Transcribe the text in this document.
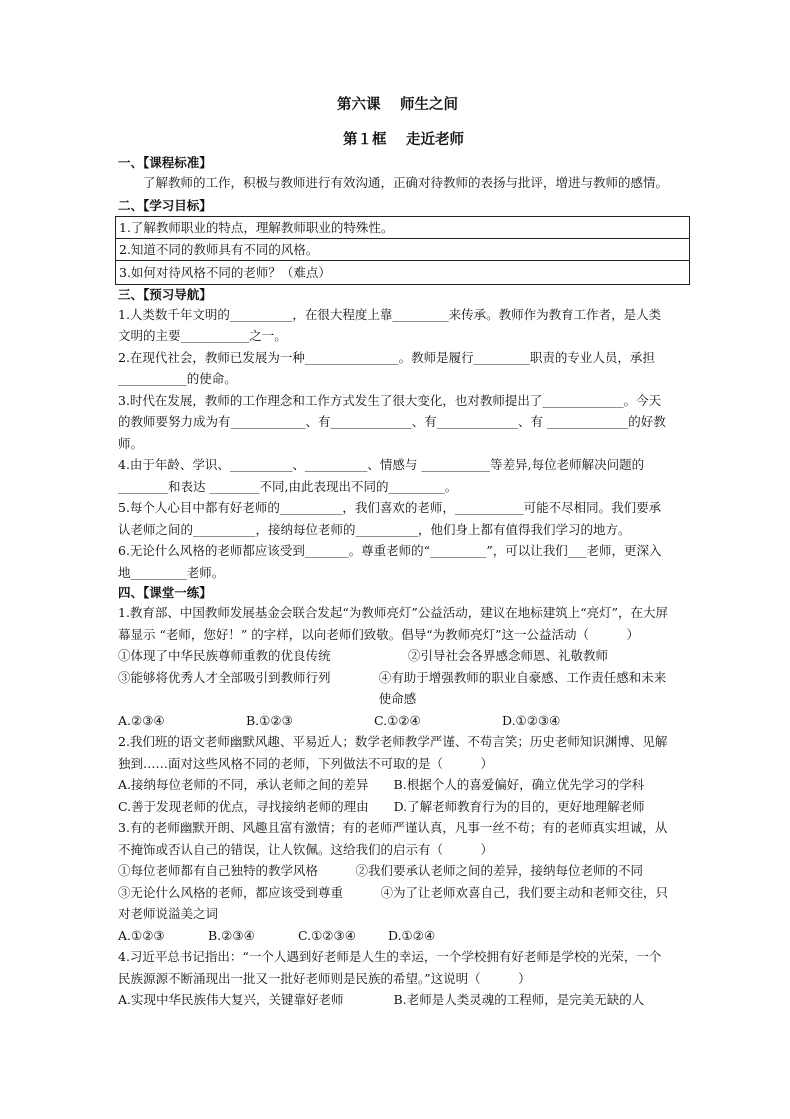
第六课　 师生之间
第１框　 走近老师
一、【课程标准】

了解教师的工作，积极与教师进行有效沟通，正确对待教师的表扬与批评，增进与教师的感情。

二、【学习目标】
1.了解教师职业的特点，理解教师职业的特殊性。
2.知道不同的教师具有不同的风格。
3.如何对待风格不同的老师？（难点）
三、【预习导航】

1.人类数千年文明的__________，在很大程度上靠_________来传承。教师作为教育工作者，是人类文明的主要___________之一。

2.在现代社会，教师已发展为一种_______________。教师是履行_________职责的专业人员，承担___________的使命。

3.时代在发展，教师的工作理念和工作方式发生了很大变化，也对教师提出了_____________。今天的教师要努力成为有____________、有_____________、有_____________、有 _____________的好教师。

4.由于年龄、学识、__________、__________、情感与 ___________等差异,每位老师解决问题的________和表达 ________不同,由此表现出不同的_________。

5.每个人心目中都有好老师的__________，我们喜欢的老师，___________可能不尽相同。我们要承认老师之间的__________，接纳每位老师的__________，他们身上都有值得我们学习的地方。

6.无论什么风格的老师都应该受到_______。尊重老师的“_________”，可以让我们___老师，更深入地_________老师。

四、【课堂一练】

1.教育部、中国教师发展基金会联合发起“为教师亮灯”公益活动，建议在地标建筑上“亮灯”，在大屏幕显示 “老师，您好！” 的字样，以向老师们致敬。倡导“为教师亮灯”这一公益活动（　　　）

①体现了中华民族尊师重教的优良传统	②引导社会各界感念师恩、礼敬教师
③能够将优秀人才全部吸引到教师行列	④有助于增强教师的职业自豪感、工作责任感和未来使命感
A.②③④	B.①②③	C.①②④	D.①②③④

2.我们班的语文老师幽默风趣、平易近人；数学老师教学严谨、不苟言笑；历史老师知识渊博、见解独到……面对这些风格不同的老师，下列做法不可取的是（　　　）

A.接纳每位老师的不同，承认老师之间的差异　　 B.根据个人的喜爱偏好，确立优先学习的学科

C.善于发现老师的优点，寻找接纳老师的理由　　 D.了解老师教育行为的目的，更好地理解老师

3.有的老师幽默开朗、风趣且富有激情；有的老师严谨认真，凡事一丝不苟；有的老师真实坦诚，从不掩饰或否认自己的错误，让人钦佩。这给我们的启示有（　　　）

①每位老师都有自己独特的教学风格　　　②我们要承认老师之间的差异，接纳每位老师的不同　　③无论什么风格的老师，都应该受到尊重　　　④为了让老师欢喜自己，我们要主动和老师交往，只对老师说溢美之词

A.①②③	B.②③④	C.①②③④	D.①②④

4.习近平总书记指出：“一个人遇到好老师是人生的幸运，一个学校拥有好老师是学校的光荣，一个民族源源不断涌现出一批又一批好老师则是民族的希望。”这说明（　　　）

A.实现中华民族伟大复兴，关键靠好老师　　　　	B.老师是人类灵魂的工程师，是完美无缺的人
